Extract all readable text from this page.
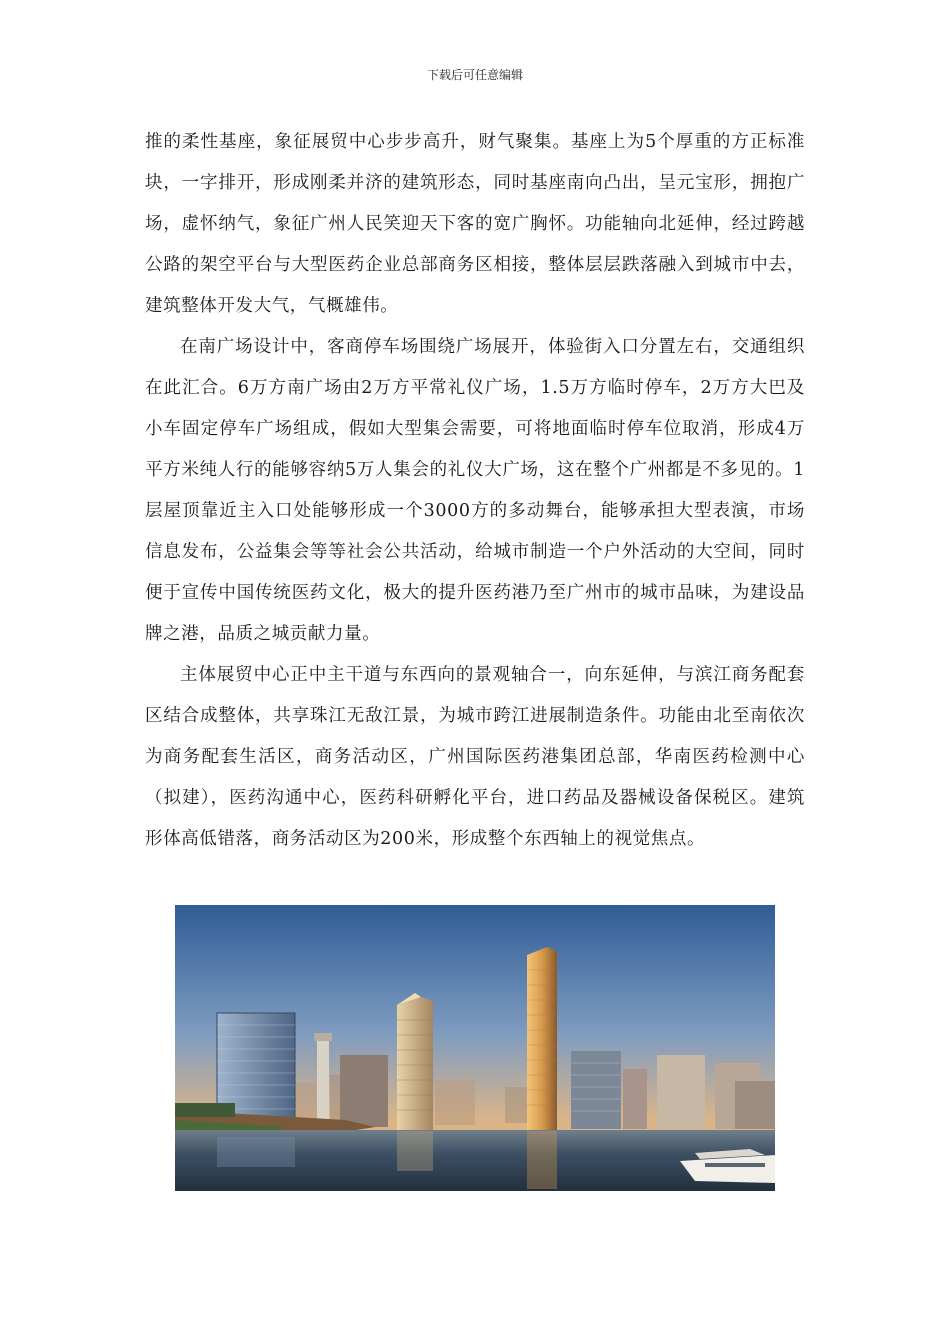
下载后可任意编辑

推的柔性基座，象征展贸中心步步高升，财气聚集。基座上为5个厚重的方正标准块，一字排开，形成刚柔并济的建筑形态，同时基座南向凸出，呈元宝形，拥抱广场，虚怀纳气，象征广州人民笑迎天下客的宽广胸怀。功能轴向北延伸，经过跨越公路的架空平台与大型医药企业总部商务区相接，整体层层跌落融入到城市中去，建筑整体开发大气，气概雄伟。

在南广场设计中，客商停车场围绕广场展开，体验街入口分置左右，交通组织在此汇合。6万方南广场由2万方平常礼仪广场，1.5万方临时停车，2万方大巴及小车固定停车广场组成，假如大型集会需要，可将地面临时停车位取消，形成4万平方米纯人行的能够容纳5万人集会的礼仪大广场，这在整个广州都是不多见的。1层屋顶靠近主入口处能够形成一个3000方的多动舞台，能够承担大型表演，市场信息发布，公益集会等等社会公共活动，给城市制造一个户外活动的大空间，同时便于宣传中国传统医药文化，极大的提升医药港乃至广州市的城市品味，为建设品牌之港，品质之城贡献力量。

主体展贸中心正中主干道与东西向的景观轴合一，向东延伸，与滨江商务配套区结合成整体，共享珠江无敌江景，为城市跨江进展制造条件。功能由北至南依次为商务配套生活区，商务活动区，广州国际医药港集团总部，华南医药检测中心（拟建），医药沟通中心，医药科研孵化平台，进口药品及器械设备保税区。建筑形体高低错落，商务活动区为200米，形成整个东西轴上的视觉焦点。
